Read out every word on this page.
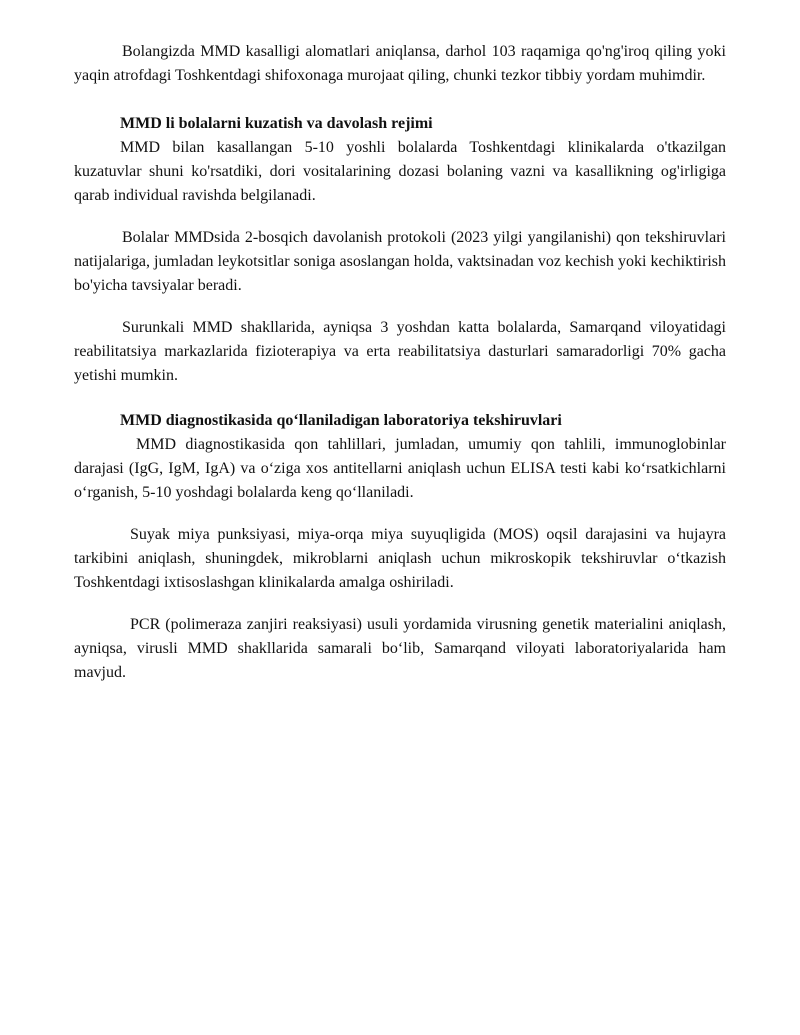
Bolangizda MMD kasalligi alomatlari aniqlansa, darhol 103 raqamiga qo'ng'iroq qiling yoki yaqin atrofdagi Toshkentdagi shifoxonaga murojaat qiling, chunki tezkor tibbiy yordam muhimdir.

MMD li bolalarni kuzatish va davolash rejimi

MMD bilan kasallangan 5-10 yoshli bolalarda Toshkentdagi klinikalarda o'tkazilgan kuzatuvlar shuni ko'rsatdiki, dori vositalarining dozasi bolaning vazni va kasallikning og'irligiga qarab individual ravishda belgilanadi.

Bolalar MMDsida 2-bosqich davolanish protokoli (2023 yilgi yangilanishi) qon tekshiruvlari natijalariga, jumladan leykotsitlar soniga asoslangan holda, vaktsinadan voz kechish yoki kechiktirish bo'yicha tavsiyalar beradi.

Surunkali MMD shakllarida, ayniqsa 3 yoshdan katta bolalarda, Samarqand viloyatidagi reabilitatsiya markazlarida fizioterapiya va erta reabilitatsiya dasturlari samaradorligi 70% gacha yetishi mumkin.

MMD diagnostikasida qo‘llaniladigan laboratoriya tekshiruvlari

MMD diagnostikasida qon tahlillari, jumladan, umumiy qon tahlili, immunoglobinlar darajasi (IgG, IgM, IgA) va o‘ziga xos antitellarni aniqlash uchun ELISA testi kabi ko‘rsatkichlarni o‘rganish, 5-10 yoshdagi bolalarda keng qo‘llaniladi.

Suyak miya punksiyasi, miya-orqa miya suyuqligida (MOS) oqsil darajasini va hujayra tarkibini aniqlash, shuningdek, mikroblarni aniqlash uchun mikroskopik tekshiruvlar o‘tkazish Toshkentdagi ixtisoslashgan klinikalarda amalga oshiriladi.

PCR (polimeraza zanjiri reaksiyasi) usuli yordamida virusning genetik materialini aniqlash, ayniqsa, virusli MMD shakllarida samarali bo‘lib, Samarqand viloyati laboratoriyalarida ham mavjud.
